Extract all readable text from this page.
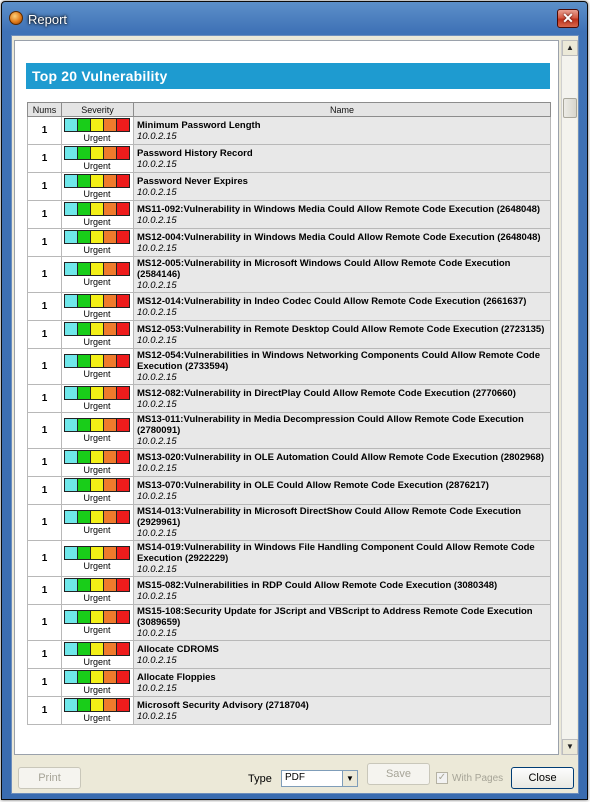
Report	✕
Top 20 Vulnerability
Nums	Severity	Name
1	Urgent	Minimum Password Length
10.0.2.15

1	Urgent	Password History Record
10.0.2.15

1	Urgent	Password Never Expires
10.0.2.15

1	Urgent	MS11-092:Vulnerability in Windows Media Could Allow Remote Code Execution (2648048)
10.0.2.15

1	Urgent	MS12-004:Vulnerability in Windows Media Could Allow Remote Code Execution (2648048)
10.0.2.15

1	Urgent	MS12-005:Vulnerability in Microsoft Windows Could Allow Remote Code Execution (2584146)
10.0.2.15

1	Urgent	MS12-014:Vulnerability in Indeo Codec Could Allow Remote Code Execution (2661637)
10.0.2.15

1	Urgent	MS12-053:Vulnerability in Remote Desktop Could Allow Remote Code Execution (2723135)
10.0.2.15

1	Urgent	MS12-054:Vulnerabilities in Windows Networking Components Could Allow Remote Code Execution (2733594)
10.0.2.15

1	Urgent	MS12-082:Vulnerability in DirectPlay Could Allow Remote Code Execution (2770660)
10.0.2.15

1	Urgent	MS13-011:Vulnerability in Media Decompression Could Allow Remote Code Execution (2780091)
10.0.2.15

1	Urgent	MS13-020:Vulnerability in OLE Automation Could Allow Remote Code Execution (2802968)
10.0.2.15

1	Urgent	MS13-070:Vulnerability in OLE Could Allow Remote Code Execution (2876217)
10.0.2.15

1	Urgent	MS14-013:Vulnerability in Microsoft DirectShow Could Allow Remote Code Execution (2929961)
10.0.2.15

1	Urgent	MS14-019:Vulnerability in Windows File Handling Component Could Allow Remote Code Execution (2922229)
10.0.2.15

1	Urgent	MS15-082:Vulnerabilities in RDP Could Allow Remote Code Execution (3080348)
10.0.2.15

1	Urgent	MS15-108:Security Update for JScript and VBScript to Address Remote Code Execution (3089659)
10.0.2.15

1	Urgent	Allocate CDROMS
10.0.2.15

1	Urgent	Allocate Floppies
10.0.2.15

1	Urgent	Microsoft Security Advisory (2718704)
10.0.2.15
▲
▼
Print	Type	PDF	▼	Save	✓ With Pages	Close
